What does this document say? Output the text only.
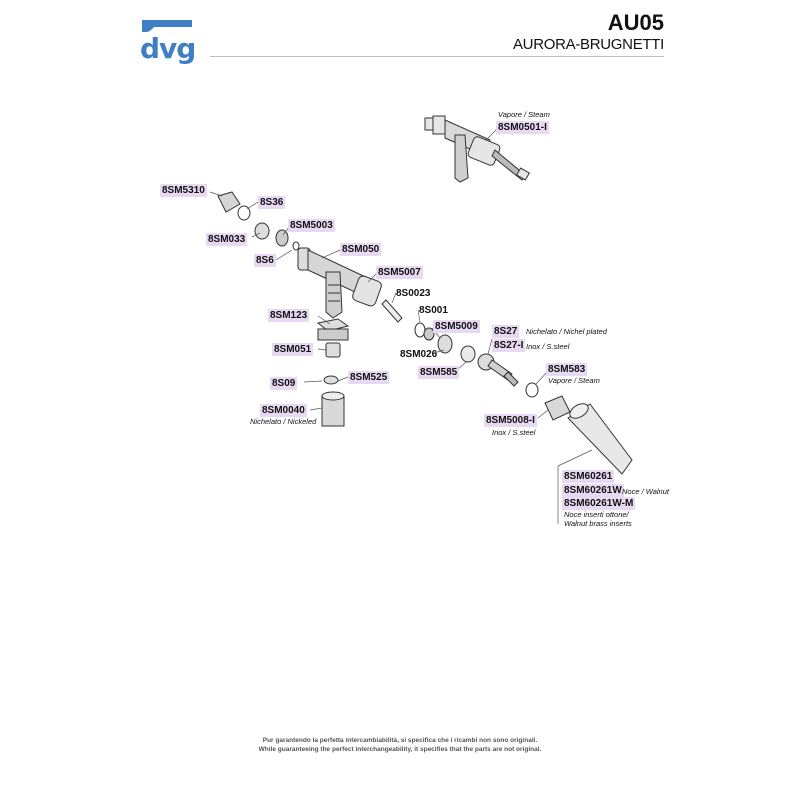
dvg
AU05
AURORA-BRUGNETTI
Vapore / Steam
8SM0501-I
8SM5310
8S36
8SM5003
8SM033
8SM050
8S6
8SM5007
8S0023
8SM123	8S001
8SM5009 8S27 Nichelato / Nichel plated
8SM051	8S27-I Inox / S.steel
8SM026
8SM583
Vapore / Steam
8SM585
8SM525
8S09
8SM0040
Nichelato / Nickeled	8SM5008-I
Inox / S.steel
8SM60261
8SM60261W Noce / Walnut
8SM60261W-M
Noce inserti ottone/
Walnut brass inserts
Pur garantendo la perfetta intercambiabilità, si specifica che i ricambi non sono originali.
While guaranteeing the perfect interchangeability, it specifies that the parts are not original.
